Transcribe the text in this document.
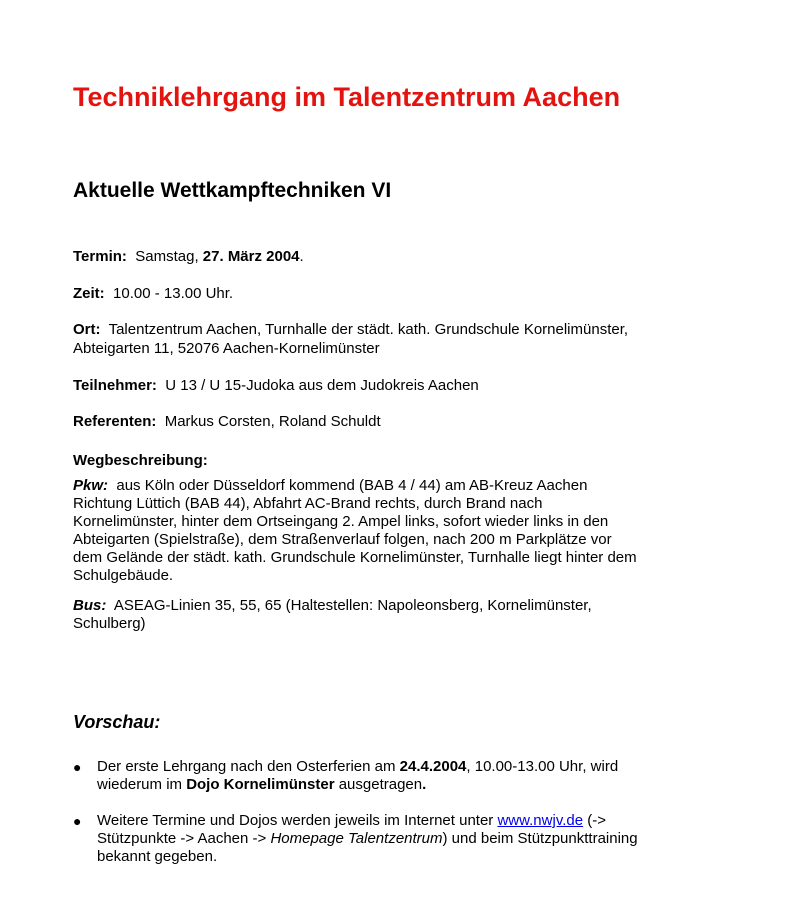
Techniklehrgang im Talentzentrum Aachen
Aktuelle Wettkampftechniken VI
Termin: Samstag, 27. März 2004.
Zeit: 10.00 - 13.00 Uhr.
Ort: Talentzentrum Aachen, Turnhalle der städt. kath. Grundschule Kornelimünster,
Abteigarten 11, 52076 Aachen-Kornelimünster
Teilnehmer: U 13 / U 15-Judoka aus dem Judokreis Aachen
Referenten: Markus Corsten, Roland Schuldt
Wegbeschreibung:
Pkw: aus Köln oder Düsseldorf kommend (BAB 4 / 44) am AB-Kreuz Aachen
Richtung Lüttich (BAB 44), Abfahrt AC-Brand rechts, durch Brand nach
Kornelimünster, hinter dem Ortseingang 2. Ampel links, sofort wieder links in den
Abteigarten (Spielstraße), dem Straßenverlauf folgen, nach 200 m Parkplätze vor
dem Gelände der städt. kath. Grundschule Kornelimünster, Turnhalle liegt hinter dem
Schulgebäude.
Bus: ASEAG-Linien 35, 55, 65 (Haltestellen: Napoleonsberg, Kornelimünster,
Schulberg)
Vorschau:
● Der erste Lehrgang nach den Osterferien am 24.4.2004, 10.00-13.00 Uhr, wird
wiederum im Dojo Kornelimünster ausgetragen.
● Weitere Termine und Dojos werden jeweils im Internet unter www.nwjv.de (->
Stützpunkte -> Aachen -> Homepage Talentzentrum) und beim Stützpunkttraining
bekannt gegeben.
